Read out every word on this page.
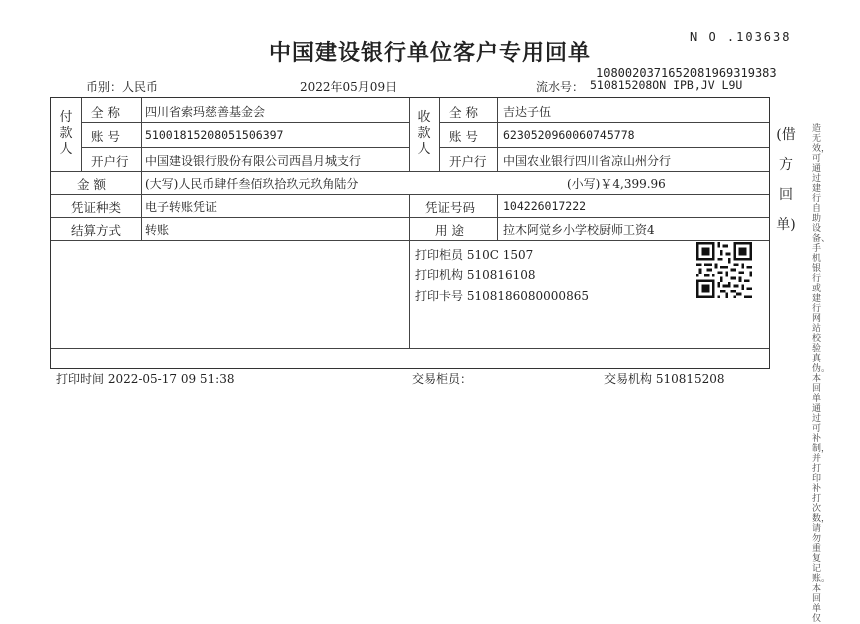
中国建设银行单位客户专用回单
N O .103638
1080020371652081969319383
币别：人民币	2022年05月09日	流水号： 510815208ON IPB,JV L9U
付
款
人
全 称 四川省索玛慈善基金会
账 号 51001815208051506397
开户行 中国建设银行股份有限公司西昌月城支行
收
款
人
全 称 吉达子伍
账 号 6230520960060745778
开户行 中国农业银行四川省凉山州分行
金 额	(大写)人民币肆仟叁佰玖拾玖元玖角陆分	(小写)￥4,399.96
凭证种类 电子转账凭证	凭证号码 104226017222
结算方式 转账	用 途	拉木阿觉乡小学校厨师工资4
打印柜员 510C 1507
打印机构 510816108
打印卡号 5108186080000865
打印时间 2022-05-17 09 51:38	交易柜员：	交易机构 510815208
(借
方
回
单)
造无效，可通过建行自助设备、手机银行或建行网站校验真伪。本回单通过可补制，并打印补打次数，请勿重复记账。本回单仅
